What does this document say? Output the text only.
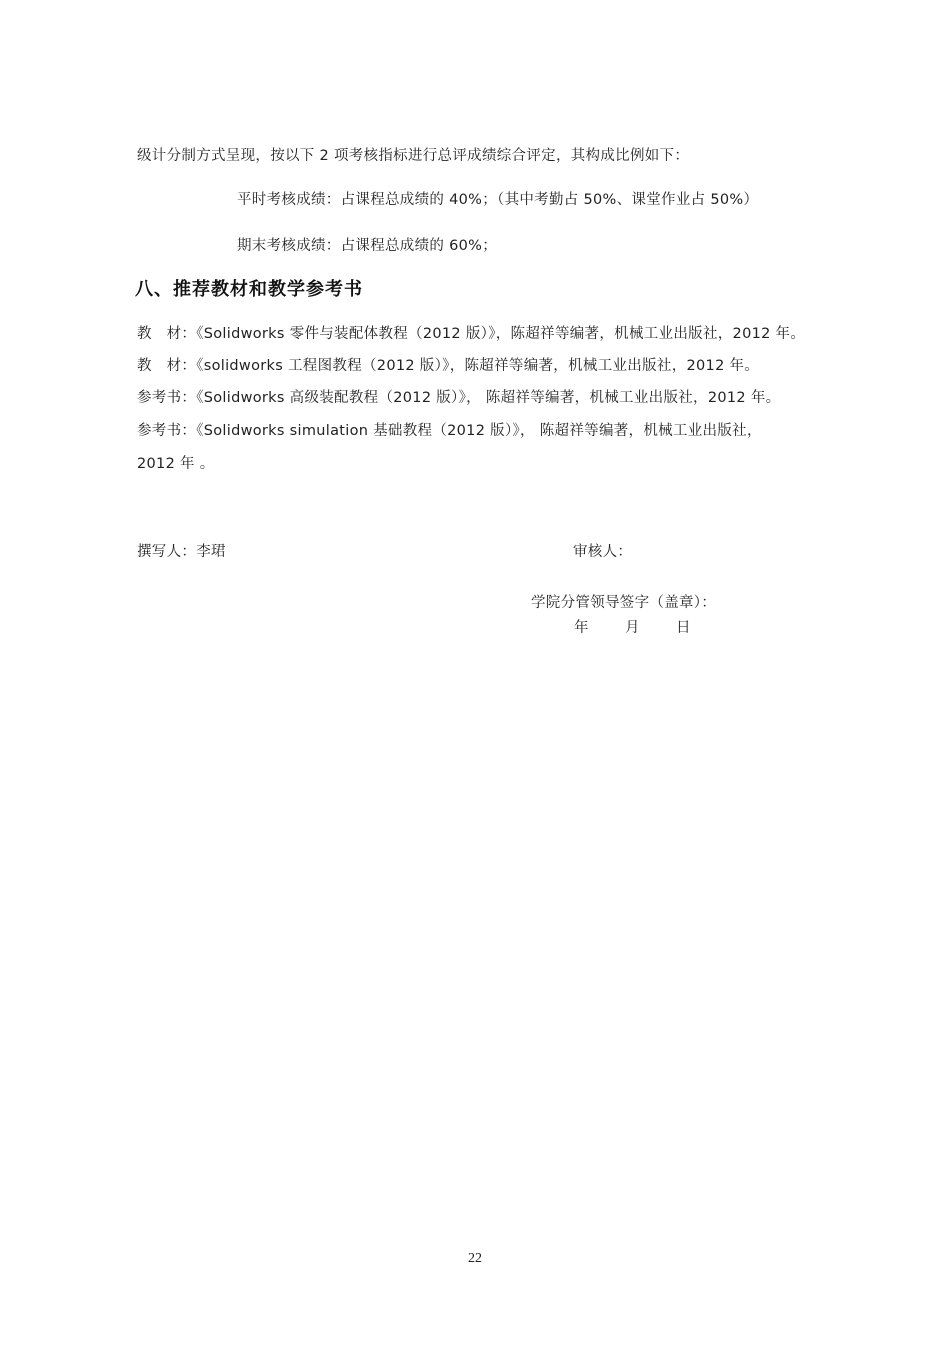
级计分制方式呈现，按以下 2 项考核指标进行总评成绩综合评定，其构成比例如下：
平时考核成绩：占课程总成绩的 40%；（其中考勤占 50%、课堂作业占 50%）
期末考核成绩：占课程总成绩的 60%；
八、推荐教材和教学参考书
教　材：《Solidworks 零件与装配体教程（2012 版）》，陈超祥等编著，机械工业出版社，2012 年。
教　材：《solidworks 工程图教程（2012 版）》，陈超祥等编著，机械工业出版社，2012 年。
参考书：《Solidworks 高级装配教程（2012 版）》， 陈超祥等编著，机械工业出版社，2012 年。
参考书：《Solidworks simulation 基础教程（2012 版）》， 陈超祥等编著，机械工业出版社，
2012 年 。
撰写人：李珺	审核人：
学院分管领导签字（盖章）：
年	月	日
22
